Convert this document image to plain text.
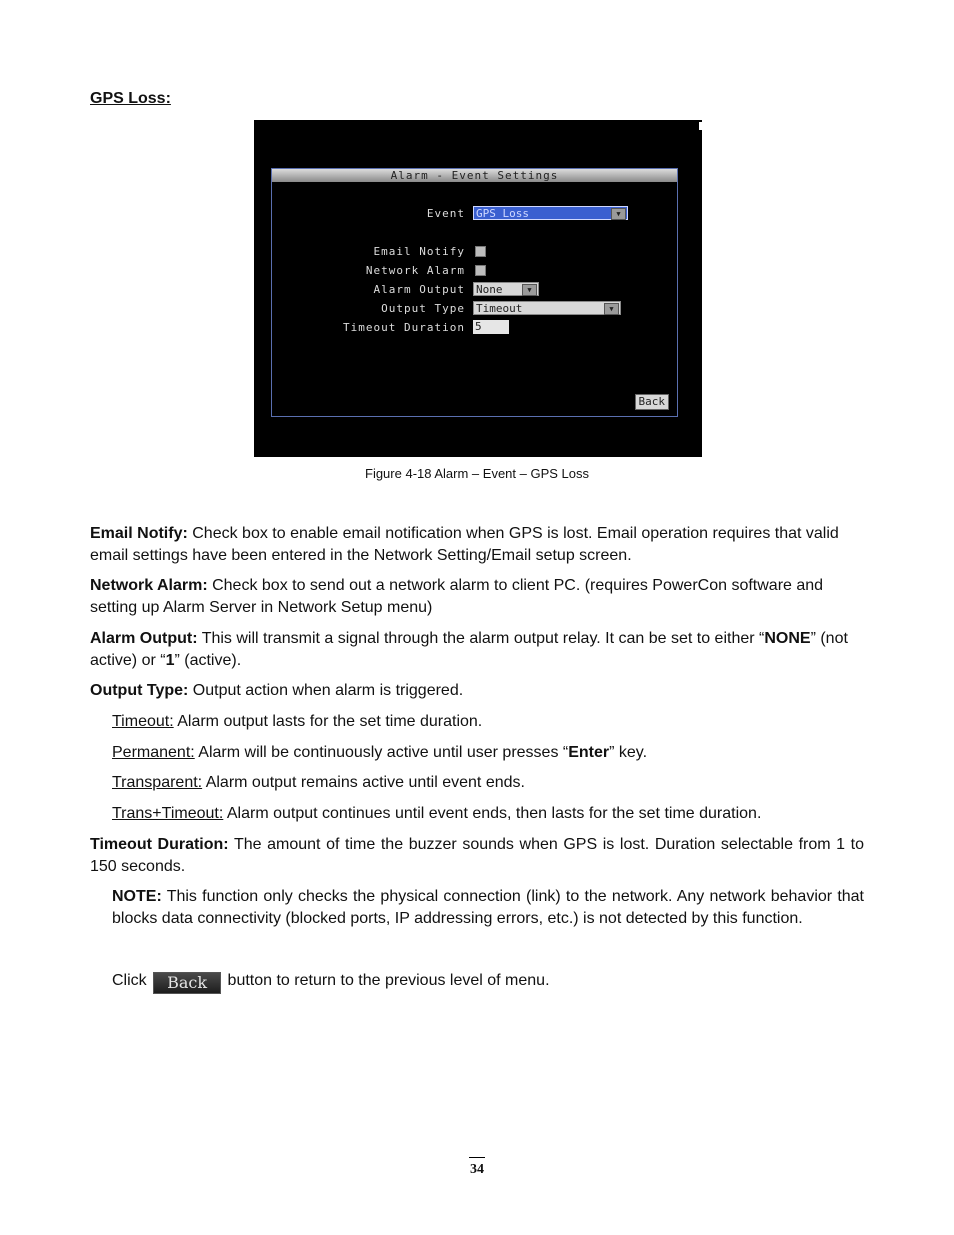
GPS Loss:
Alarm - Event Settings
Event GPS Loss	▼
Email Notify
Network Alarm
Alarm Output None	▼
Output Type Timeout	▼
Timeout Duration 5
Back
Figure 4-18 Alarm – Event – GPS Loss

Email Notify: Check box to enable email notification when GPS is lost. Email operation requires that valid email settings have been entered in the Network Setting/Email setup screen.

Network Alarm: Check box to send out a network alarm to client PC. (requires PowerCon software and setting up Alarm Server in Network Setup menu)

Alarm Output: This will transmit a signal through the alarm output relay. It can be set to either “NONE” (not active) or “1” (active).

Output Type: Output action when alarm is triggered.

Timeout: Alarm output lasts for the set time duration.

Permanent: Alarm will be continuously active until user presses “Enter” key.

Transparent: Alarm output remains active until event ends.

Trans+Timeout: Alarm output continues until event ends, then lasts for the set time duration.

Timeout Duration: The amount of time the buzzer sounds when GPS is lost. Duration selectable from 1 to 150 seconds.

NOTE: This function only checks the physical connection (link) to the network. Any network behavior that blocks data connectivity (blocked ports, IP addressing errors, etc.) is not detected by this function.

Click Back button to return to the previous level of menu.

34
